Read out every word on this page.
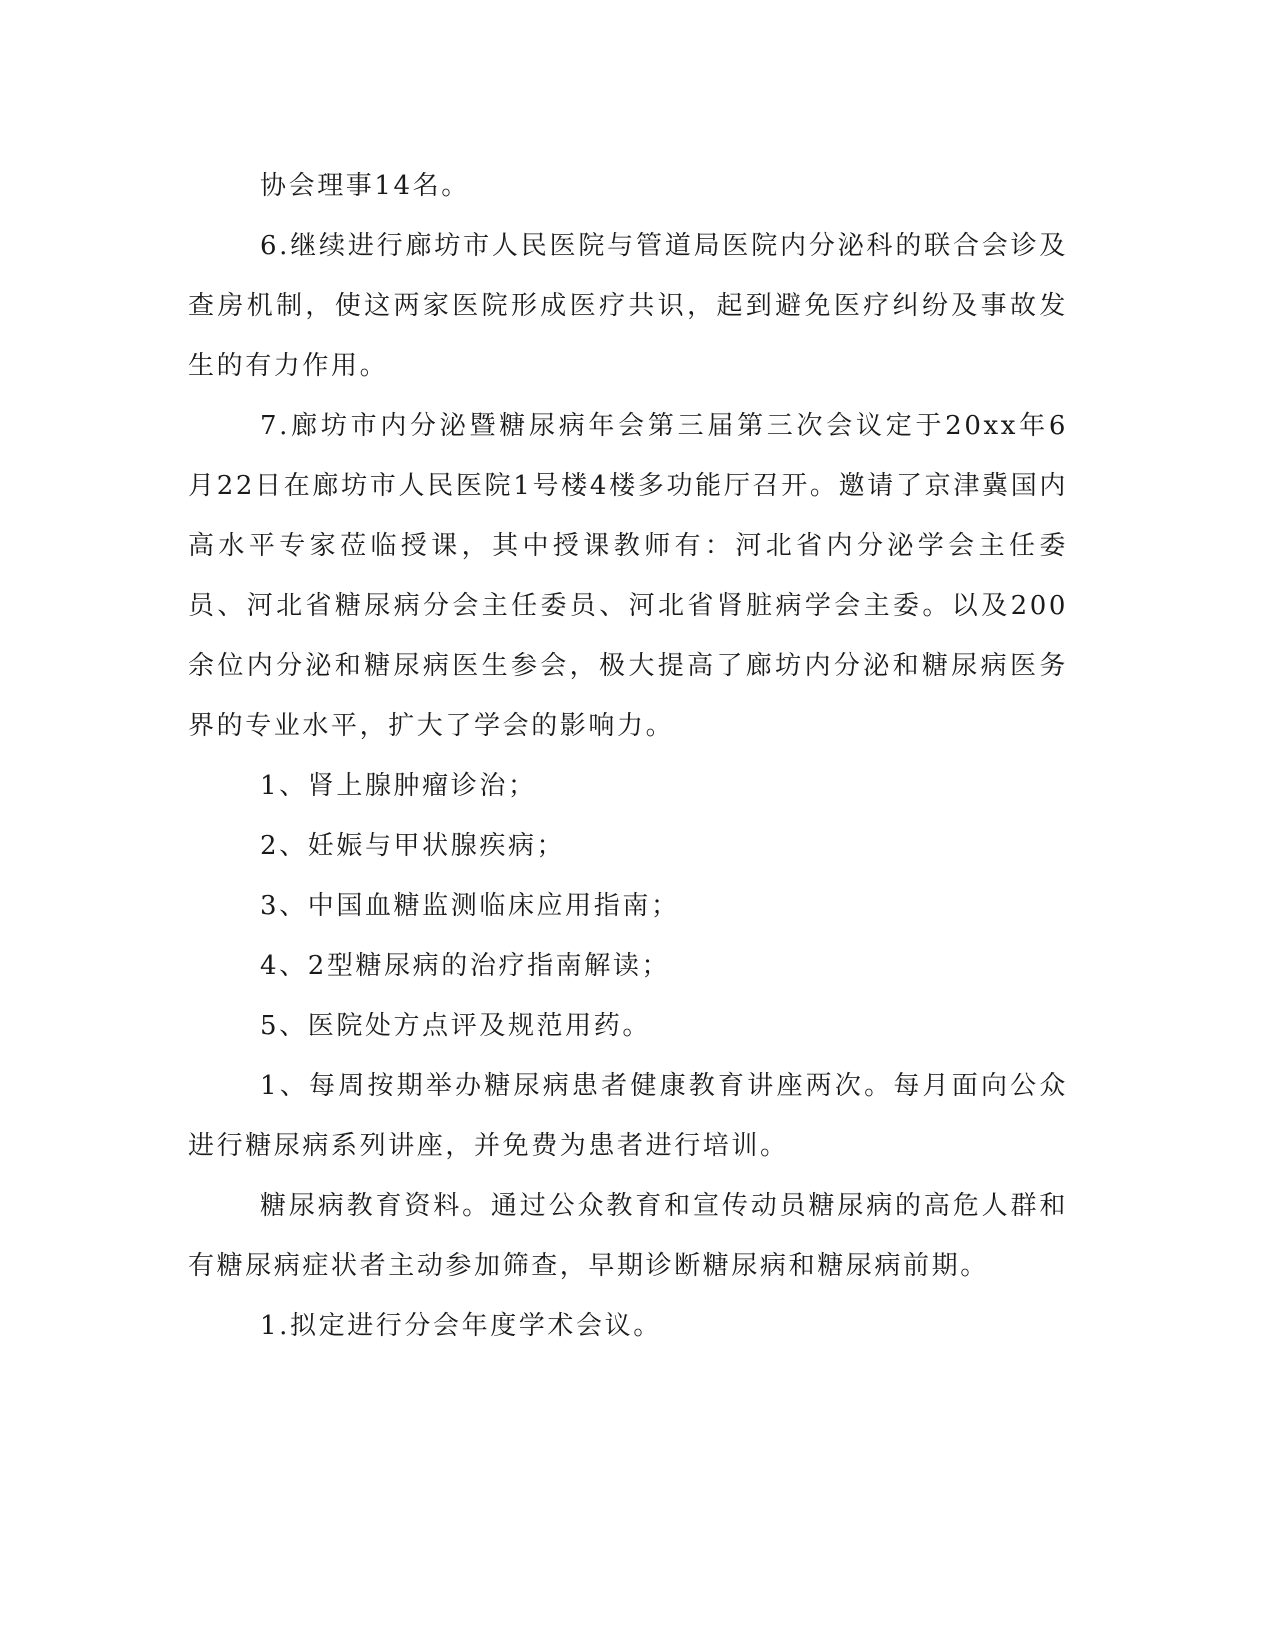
协会理事14名。

6.继续进行廊坊市人民医院与管道局医院内分泌科的联合会诊及查房机制，使这两家医院形成医疗共识，起到避免医疗纠纷及事故发生的有力作用。

7.廊坊市内分泌暨糖尿病年会第三届第三次会议定于20xx年6月22日在廊坊市人民医院1号楼4楼多功能厅召开。邀请了京津冀国内高水平专家莅临授课，其中授课教师有：河北省内分泌学会主任委员、河北省糖尿病分会主任委员、河北省肾脏病学会主委。以及200余位内分泌和糖尿病医生参会，极大提高了廊坊内分泌和糖尿病医务界的专业水平，扩大了学会的影响力。

1、肾上腺肿瘤诊治；

2、妊娠与甲状腺疾病；

3、中国血糖监测临床应用指南；

4、2型糖尿病的治疗指南解读；

5、医院处方点评及规范用药。

1、每周按期举办糖尿病患者健康教育讲座两次。每月面向公众进行糖尿病系列讲座，并免费为患者进行培训。

糖尿病教育资料。通过公众教育和宣传动员糖尿病的高危人群和有糖尿病症状者主动参加筛查，早期诊断糖尿病和糖尿病前期。

1.拟定进行分会年度学术会议。
